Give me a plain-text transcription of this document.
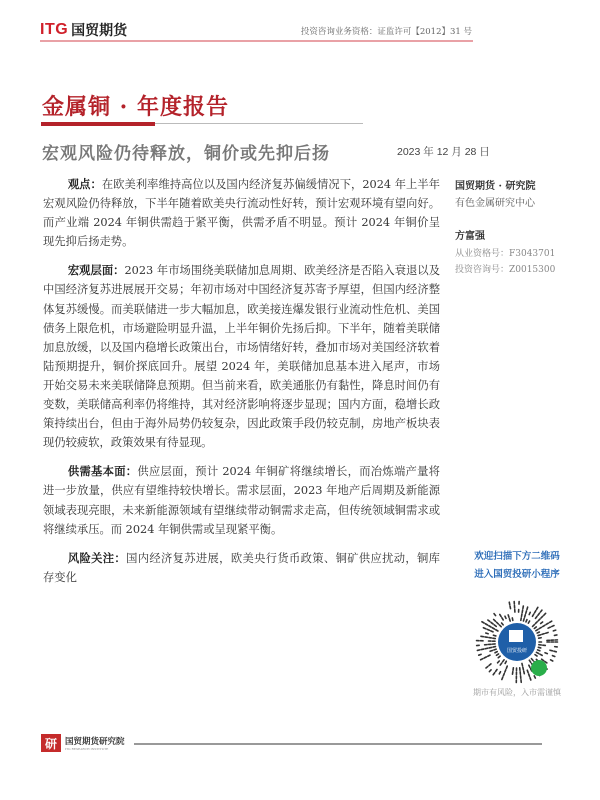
ITG 国贸期货	投资咨询业务资格：证监许可【2012】31 号
金属铜 · 年度报告
宏观风险仍待释放，铜价或先抑后扬	2023 年 12 月 28 日

观点：在欧美利率维持高位以及国内经济复苏偏缓情况下，2024 年上半年宏观风险仍待释放，下半年随着欧美央行流动性好转，预计宏观环境有望向好。而产业端 2024 年铜供需趋于紧平衡，供需矛盾不明显。预计 2024 年铜价呈现先抑后扬走势。

宏观层面：2023 年市场围绕美联储加息周期、欧美经济是否陷入衰退以及中国经济复苏进展展开交易；年初市场对中国经济复苏寄予厚望，但国内经济整体复苏缓慢。而美联储进一步大幅加息，欧美接连爆发银行业流动性危机、美国债务上限危机，市场避险明显升温，上半年铜价先扬后抑。下半年，随着美联储加息放缓，以及国内稳增长政策出台，市场情绪好转，叠加市场对美国经济软着陆预期提升，铜价探底回升。展望 2024 年，美联储加息基本进入尾声，市场开始交易未来美联储降息预期。但当前来看，欧美通胀仍有黏性，降息时间仍有变数，美联储高利率仍将维持，其对经济影响将逐步显现；国内方面，稳增长政策持续出台，但由于海外局势仍较复杂，因此政策手段仍较克制，房地产板块表现仍较疲软，政策效果有待显现。

供需基本面：供应层面，预计 2024 年铜矿将继续增长，而冶炼端产量将进一步放量，供应有望维持较快增长。需求层面，2023 年地产后周期及新能源领域表现亮眼，未来新能源领域有望继续带动铜需求走高，但传统领域铜需求或将继续承压。而 2024 年铜供需或呈现紧平衡。

风险关注：国内经济复苏进展，欧美央行货币政策、铜矿供应扰动，铜库存变化

国贸期货 · 研究院
有色金属研究中心
方富强
从业资格号：F3043701
投资咨询号：Z0015300
欢迎扫描下方二维码
进入国贸投研小程序
国贸投研
期市有风险，入市需谨慎
研 国贸期货研究院
ITG RESEARCH INSTITUTE
